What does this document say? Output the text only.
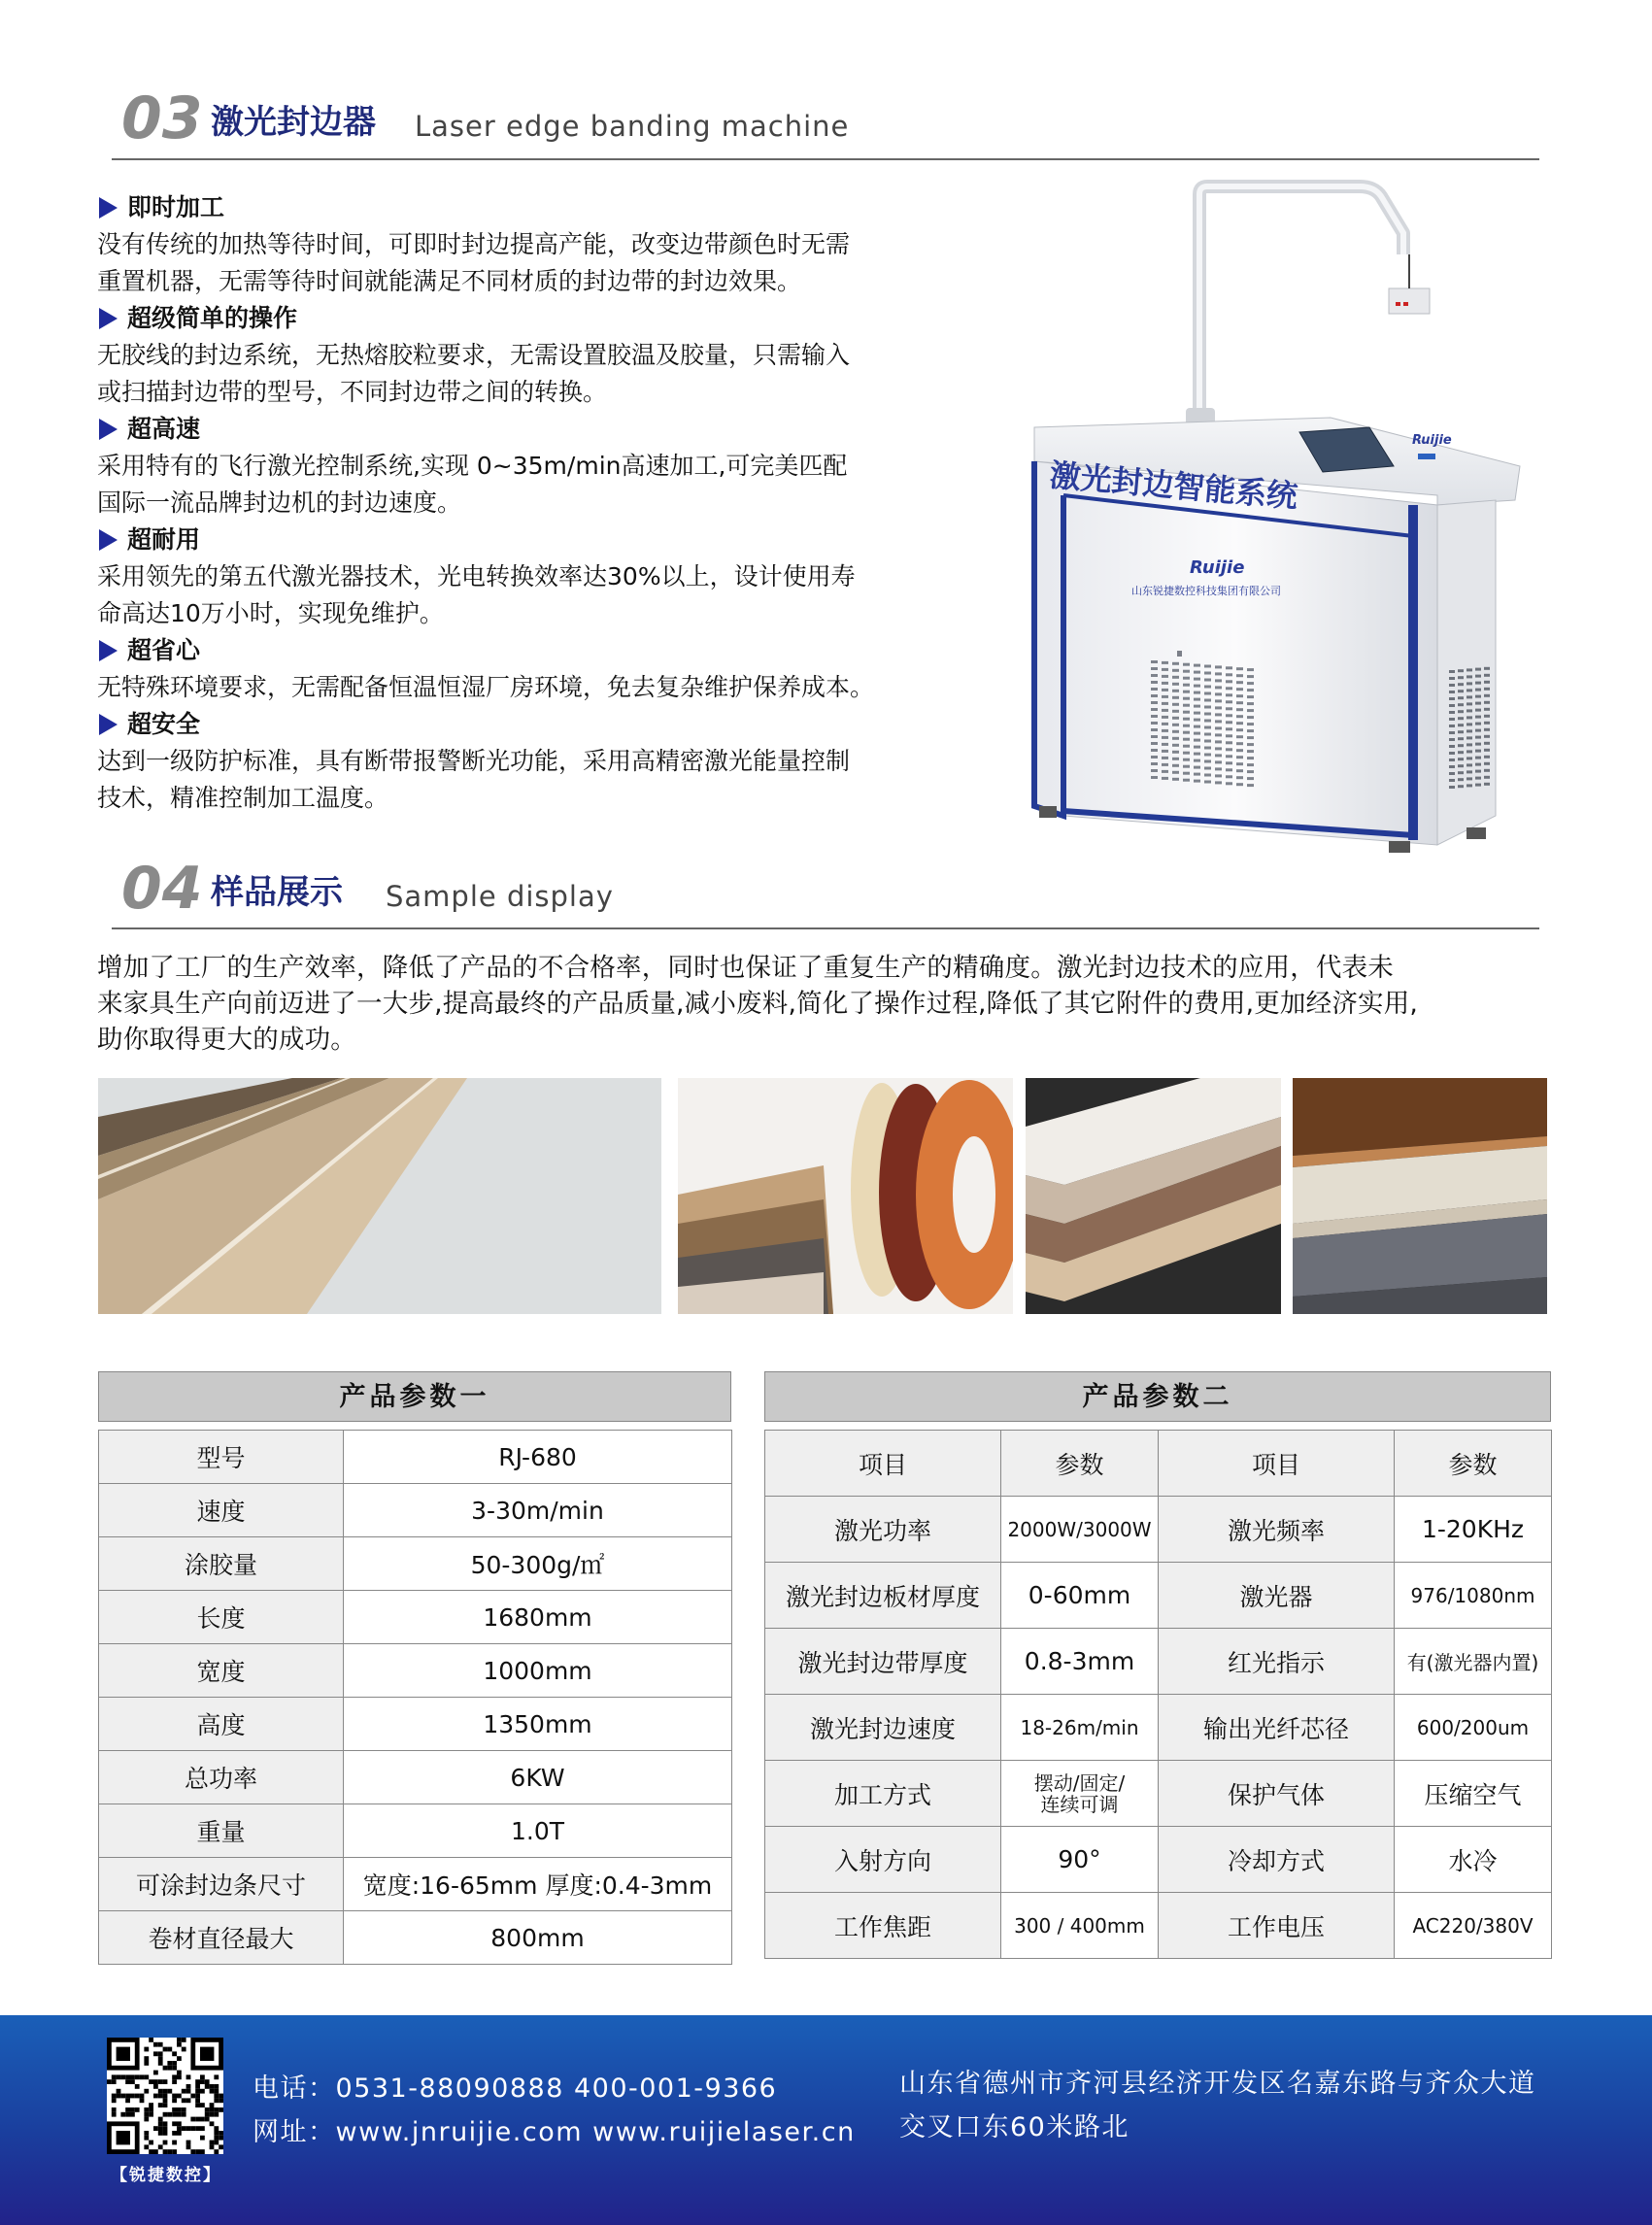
03 激光封边器 Laser edge banding machine
即时加工
没有传统的加热等待时间，可即时封边提高产能，改变边带颜色时无需
重置机器，无需等待时间就能满足不同材质的封边带的封边效果。
超级简单的操作
无胶线的封边系统，无热熔胶粒要求，无需设置胶温及胶量，只需输入
或扫描封边带的型号，不同封边带之间的转换。
超高速
采用特有的飞行激光控制系统,实现 0~35m/min高速加工,可完美匹配
国际一流品牌封边机的封边速度。
超耐用
采用领先的第五代激光器技术，光电转换效率达30%以上，设计使用寿
命高达10万小时，实现免维护。
超省心
无特殊环境要求，无需配备恒温恒湿厂房环境，免去复杂维护保养成本。
超安全
达到一级防护标准，具有断带报警断光功能，采用高精密激光能量控制
技术，精准控制加工温度。
Ruijie
激光封边智能系统
Ruijie
山东锐捷数控科技集团有限公司
04 样品展示 Sample display
增加了工厂的生产效率，降低了产品的不合格率，同时也保证了重复生产的精确度。激光封边技术的应用，代表未
来家具生产向前迈进了一大步,提高最终的产品质量,减小废料,简化了操作过程,降低了其它附件的费用,更加经济实用,
助你取得更大的成功。
产品参数一
型号	RJ-680
速度	3-30m/min
涂胶量	50-300g/㎡
长度	1680mm
宽度	1000mm
高度	1350mm
总功率	6KW
重量	1.0T
可涂封边条尺寸	宽度:16-65mm 厚度:0.4-3mm
卷材直径最大	800mm
产品参数二
项目	参数	项目	参数
激光功率	2000W/3000W	激光频率	1-20KHz
激光封边板材厚度	0-60mm	激光器	976/1080nm
激光封边带厚度	0.8-3mm	红光指示	有(激光器内置)
激光封边速度	18-26m/min	输出光纤芯径	600/200um
加工方式	摆动/固定/
连续可调	保护气体	压缩空气
入射方向	90°	冷却方式	水冷
工作焦距	300 / 400mm	工作电压	AC220/380V
【锐捷数控】
电话：0531-88090888 400-001-9366
网址：www.jnruijie.com www.ruijielaser.cn
山东省德州市齐河县经济开发区名嘉东路与齐众大道
交叉口东60米路北
